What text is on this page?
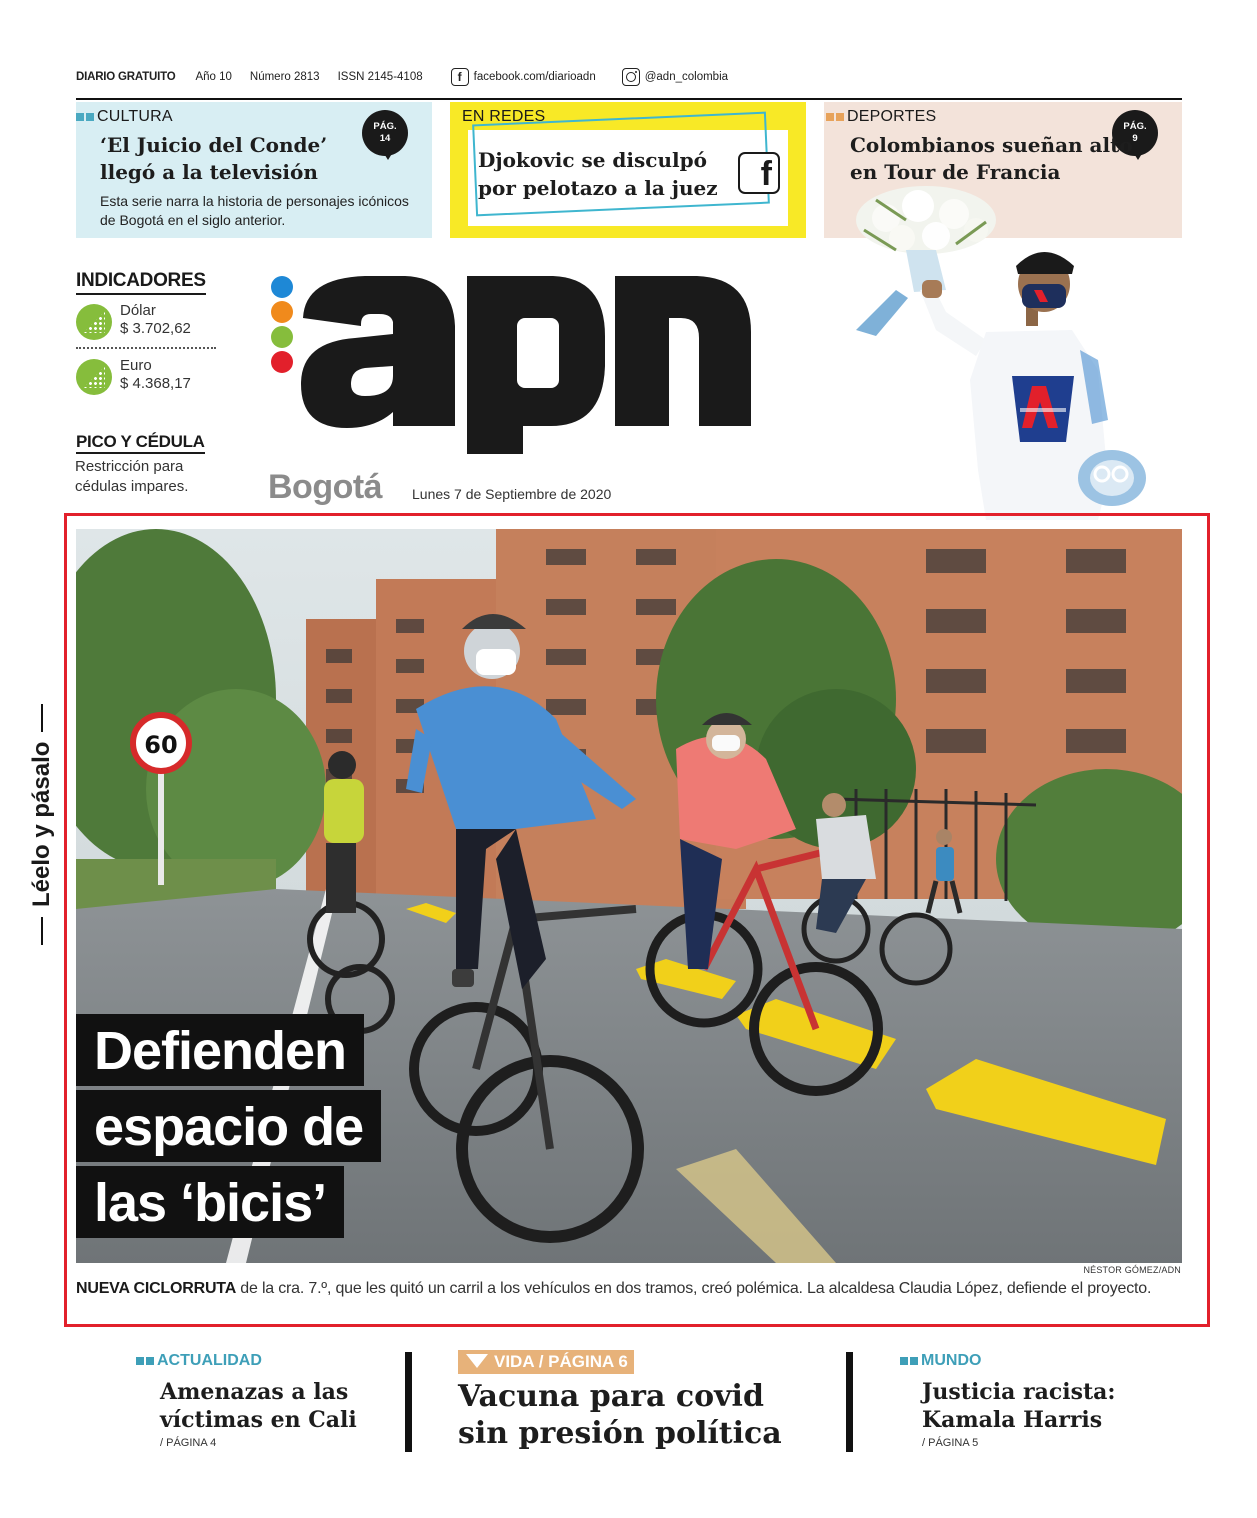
DIARIO GRATUITO Año 10 Número 2813 ISSN 2145-4108	f	facebook.com/diarioadn	@adn_colombia
CULTURA
‘El Juicio del Conde’ llegó a la televisión
Esta serie narra la historia de personajes icónicos de Bogotá en el siglo anterior.
PÁG.
14
EN REDES
Djokovic se disculpó por pelotazo a la juez	f
DEPORTES
Colombianos sueñan alto en Tour de Francia
PÁG.
9
INDICADORES
Dólar
$ 3.702,62
Euro
$ 4.368,17
PICO Y CÉDULA
Restricción para cédulas impares.	Bogotá Lunes 7 de Septiembre de 2020
Léelo y pásalo	60
Defienden
espacio de
las ‘bicis’
NÉSTOR GÓMEZ/ADN
NUEVA CICLORRUTA de la cra. 7.º, que les quitó un carril a los vehículos en dos tramos, creó polémica. La alcaldesa Claudia López, defiende el proyecto.
ACTUALIDAD
Amenazas a las víctimas en Cali
/ PÁGINA 4
VIDA / PÁGINA 6
Vacuna para covid sin presión política
MUNDO
Justicia racista: Kamala Harris
/ PÁGINA 5
